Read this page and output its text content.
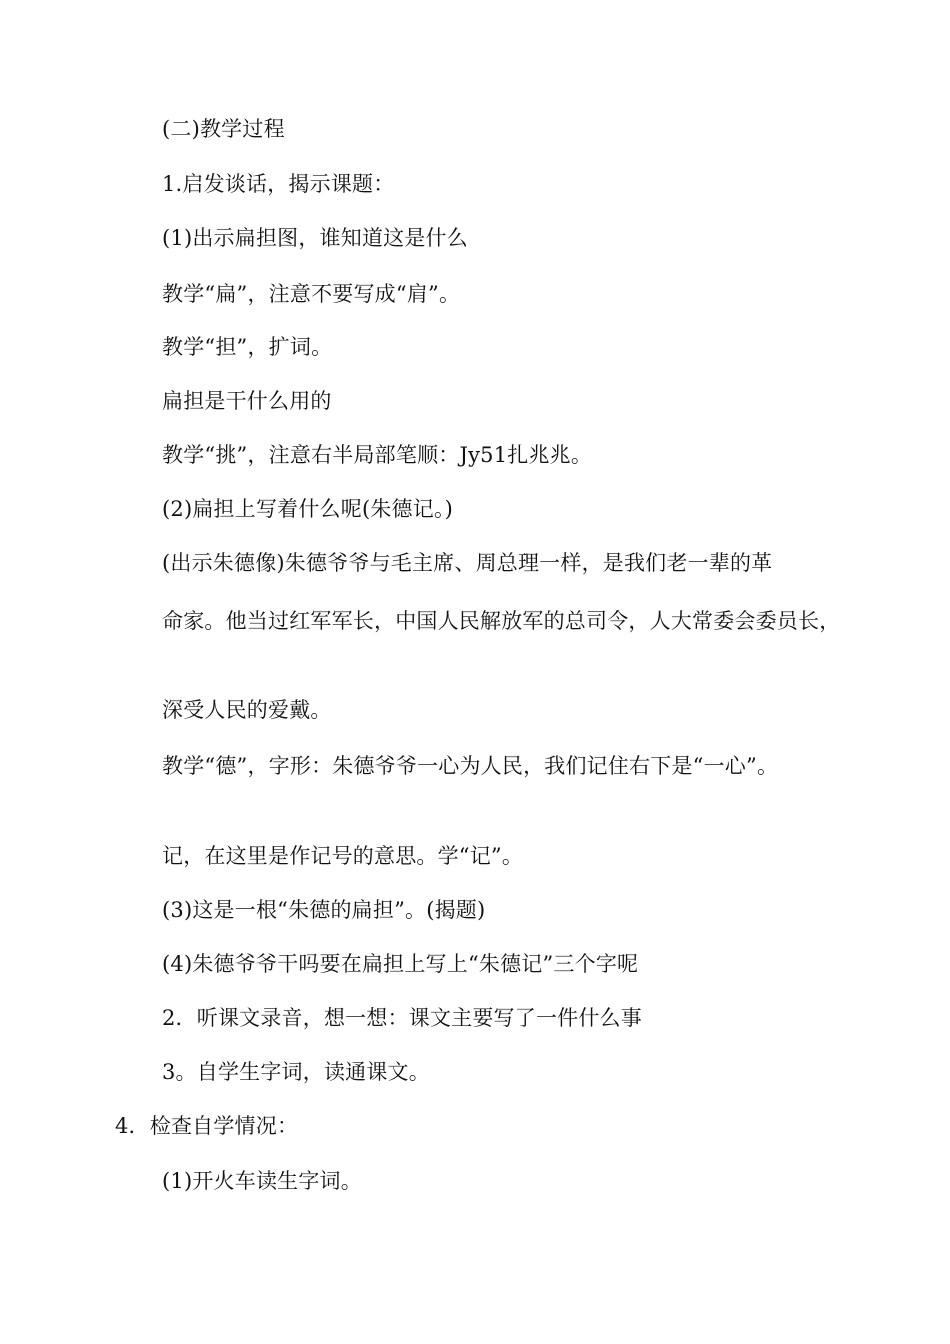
(二)教学过程
1.启发谈话，揭示课题：
(1)出示扁担图，谁知道这是什么
教学“扁”，注意不要写成“肩”。
教学“担”，扩词。
扁担是干什么用的
教学“挑”，注意右半局部笔顺：Jy51扎兆兆。
(2)扁担上写着什么呢(朱德记。)
(出示朱德像)朱德爷爷与毛主席、周总理一样，是我们老一辈的革
命家。他当过红军军长，中国人民解放军的总司令，人大常委会委员长，
深受人民的爱戴。
教学“德”，字形：朱德爷爷一心为人民，我们记住右下是“一心”。
记，在这里是作记号的意思。学“记”。
(3)这是一根“朱德的扁担”。(揭题)
(4)朱德爷爷干吗要在扁担上写上“朱德记”三个字呢
2．听课文录音，想一想：课文主要写了一件什么事
3。自学生字词，读通课文。
4．检查自学情况：
(1)开火车读生字词。
